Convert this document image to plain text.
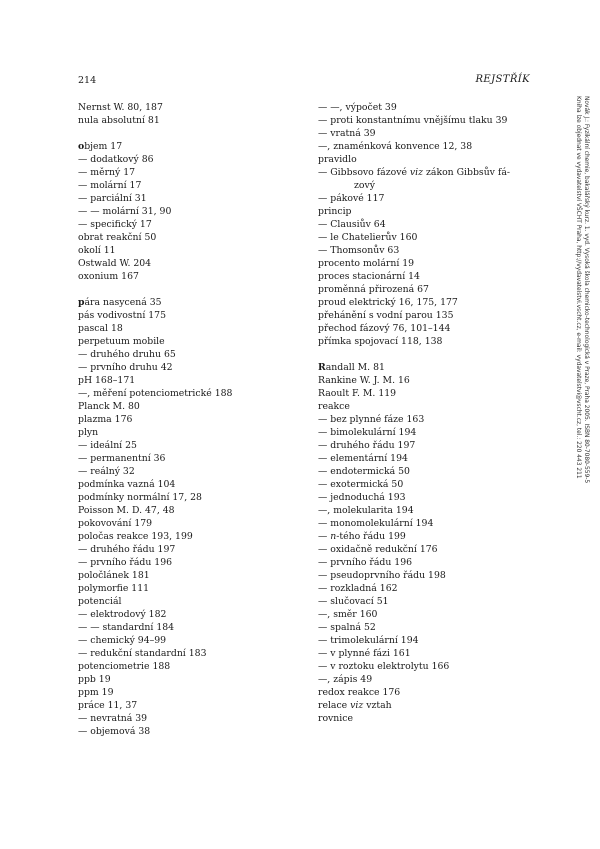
214	REJSTŘÍK
Nernst W. 80, 187
nula absolutní 81
objem 17
— dodatkový 86
— měrný 17
— molární 17
— parciální 31
— — molární 31, 90
— specifický 17
obrat reakční 50
okolí 11
Ostwald W. 204
oxonium 167
pára nasycená 35
pás vodivostní 175
pascal 18
perpetuum mobile
— druhého druhu 65
— prvního druhu 42
pH 168–171
—, měření potenciometrické 188
Planck M. 80
plazma 176
plyn
— ideální 25
— permanentní 36
— reálný 32
podmínka vazná 104
podmínky normální 17, 28
Poisson M. D. 47, 48
pokovování 179
poločas reakce 193, 199
— druhého řádu 197
— prvního řádu 196
poločlánek 181
polymorfie 111
potenciál
— elektrodový 182
— — standardní 184
— chemický 94–99
— redukční standardní 183
potenciometrie 188
ppb 19
ppm 19
práce 11, 37
— nevratná 39
— objemová 38
— —, výpočet 39
— proti konstantnímu vnějšímu tlaku 39
— vratná 39
—, znaménková konvence 12, 38
pravidlo
— Gibbsovo fázové viz zákon Gibbsův fá-
zový
— pákové 117
princip
— Clausiův 64
— le Chatelierův 160
— Thomsonův 63
procento molární 19
proces stacionární 14
proměnná přirozená 67
proud elektrický 16, 175, 177
přehánění s vodní parou 135
přechod fázový 76, 101–144
přímka spojovací 118, 138
Randall M. 81
Rankine W. J. M. 16
Raoult F. M. 119
reakce
— bez plynné fáze 163
— bimolekulární 194
— druhého řádu 197
— elementární 194
— endotermická 50
— exotermická 50
— jednoduchá 193
—, molekularita 194
— monomolekulární 194
— n-tého řádu 199
— oxidačně redukční 176
— prvního řádu 196
— pseudoprvního řádu 198
— rozkladná 162
— slučovací 51
—, směr 160
— spalná 52
— trimolekulární 194
— v plynné fázi 161
— v roztoku elektrolytu 166
—, zápis 49
redox reakce 176
relace viz vztah
rovnice
Novák J.: Fyzikální chemie, bakalářský kurz. 1. vyd. Vysoká škola chemicko-technologická v Praze, Praha 2005. ISBN 80-7080-559-5
Kniha lze objednat ve vydavatelství VŠCHT Praha, http://vydavatelstvi.vscht.cz, e-mail: vydavatelstvi@vscht.cz, tel.: 220 443 211
